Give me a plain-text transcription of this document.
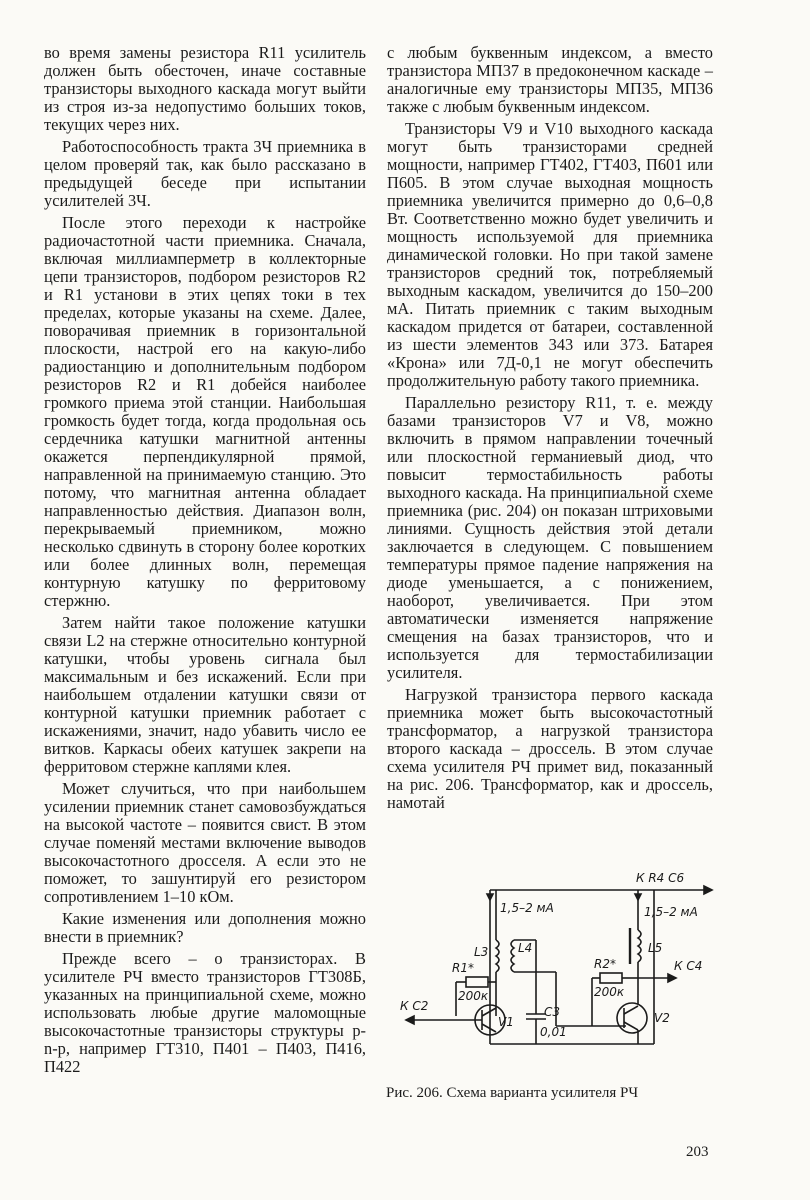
во время замены резистора R11 усилитель должен быть обесточен, иначе составные транзисторы выходного каскада могут выйти из строя из-за недопустимо больших токов, текущих через них.

Работоспособность тракта 3Ч приемника в целом проверяй так, как было рассказано в предыдущей беседе при испытании усилителей 3Ч.

После этого переходи к настройке радиочастотной части приемника. Сначала, включая миллиамперметр в коллекторные цепи транзисторов, подбором резисторов R2 и R1 установи в этих цепях токи в тех пределах, которые указаны на схеме. Далее, поворачивая приемник в горизонтальной плоскости, настрой его на какую-либо радиостанцию и дополнительным подбором резисторов R2 и R1 добейся наиболее громкого приема этой станции. Наибольшая громкость будет тогда, когда продольная ось сердечника катушки магнитной антенны окажется перпендикулярной прямой, направленной на принимаемую станцию. Это потому, что магнитная антенна обладает направленностью действия. Диапазон волн, перекрываемый приемником, можно несколько сдвинуть в сторону более коротких или более длинных волн, перемещая контурную катушку по ферритовому стержню.

Затем найти такое положение катушки связи L2 на стержне относительно контурной катушки, чтобы уровень сигнала был максимальным и без искажений. Если при наибольшем отдалении катушки связи от контурной катушки приемник работает с искажениями, значит, надо убавить число ее витков. Каркасы обеих катушек закрепи на ферритовом стержне каплями клея.

Может случиться, что при наибольшем усилении приемник станет самовозбуждаться на высокой частоте – появится свист. В этом случае поменяй местами включение выводов высокочастотного дросселя. А если это не поможет, то зашунтируй его резистором сопротивлением 1–10 кОм.

Какие изменения или дополнения можно внести в приемник?

Прежде всего – о транзисторах. В усилителе РЧ вместо транзисторов ГТ308Б, указанных на принципиальной схеме, можно использовать любые другие маломощные высокочастотные транзисторы структуры p-n-p, например ГТ310, П401 – П403, П416, П422

с любым буквенным индексом, а вместо транзистора МП37 в предоконечном каскаде – аналогичные ему транзисторы МП35, МП36 также с любым буквенным индексом.

Транзисторы V9 и V10 выходного каскада могут быть транзисторами средней мощности, например ГТ402, ГТ403, П601 или П605. В этом случае выходная мощность приемника увеличится примерно до 0,6–0,8 Вт. Соответственно можно будет увеличить и мощность используемой для приемника динамической головки. Но при такой замене транзисторов средний ток, потребляемый выходным каскадом, увеличится до 150–200 мА. Питать приемник с таким выходным каскадом придется от батареи, составленной из шести элементов 343 или 373. Батарея «Крона» или 7Д-0,1 не могут обеспечить продолжительную работу такого приемника.

Параллельно резистору R11, т. е. между базами транзисторов V7 и V8, можно включить в прямом направлении точечный или плоскостной германиевый диод, что повысит термостабильность работы выходного каскада. На принципиальной схеме приемника (рис. 204) он показан штриховыми линиями. Сущность действия этой детали заключается в следующем. С повышением температуры прямое падение напряжения на диоде уменьшается, а с понижением, наоборот, увеличивается. При этом автоматически изменяется напряжение смещения на базах транзисторов, что и используется для термостабилизации усилителя.

Нагрузкой транзистора первого каскада приемника может быть высокочастотный трансформатор, а нагрузкой транзистора второго каскада – дроссель. В этом случае схема усилителя РЧ примет вид, показанный на рис. 206. Трансформатор, как и дроссель, намотай

К R4 C6
1,5–2 мА	1,5–2 мА
L3 L4	L5
R1*
200к
R2*
200к
C3
0,01
К C2
К C4
V1	V2
Рис. 206. Схема варианта усилителя РЧ
203
